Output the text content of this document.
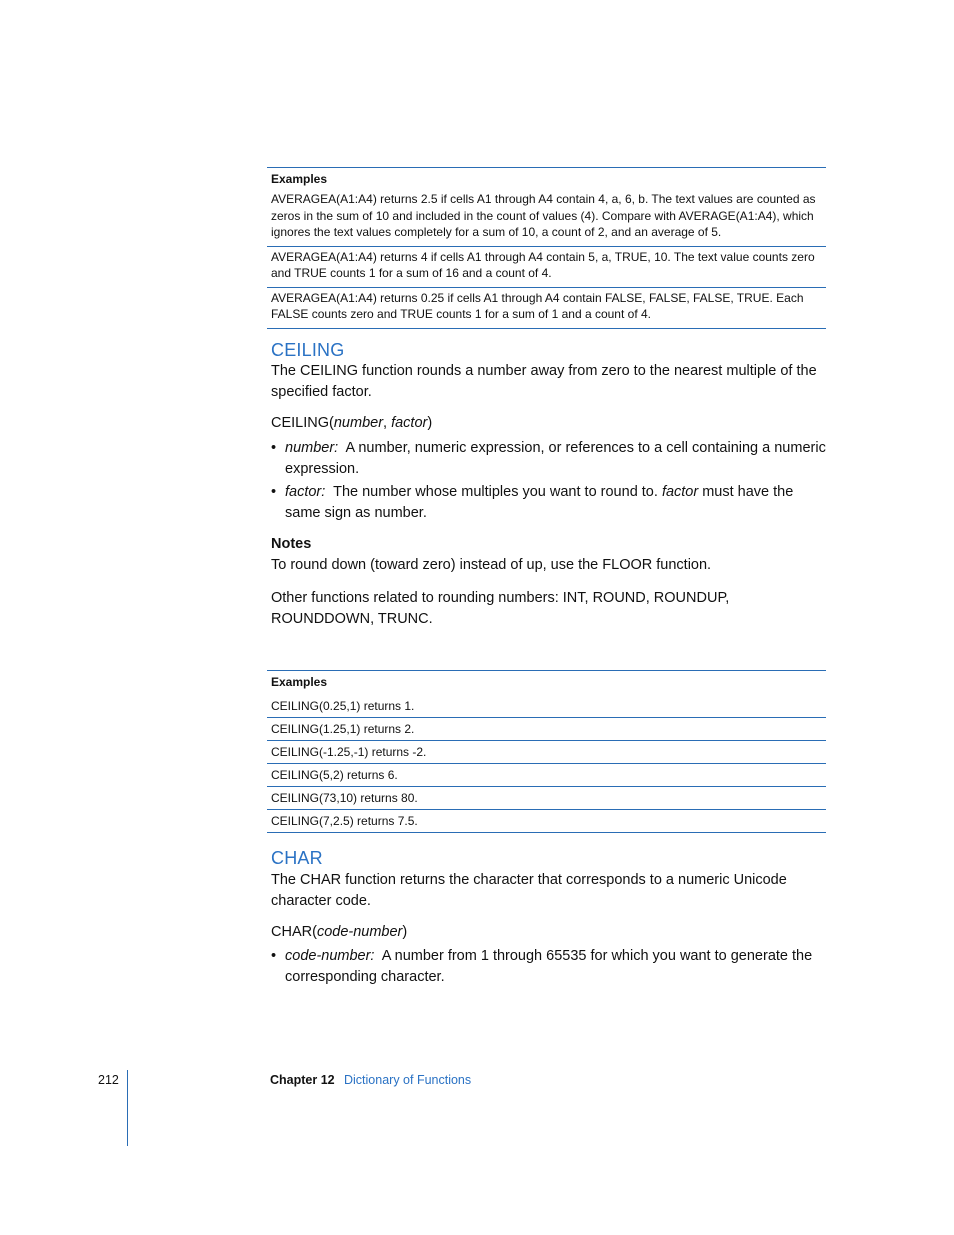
Examples
AVERAGEA(A1:A4) returns 2.5 if cells A1 through A4 contain 4, a, 6, b. The text values are counted as zeros in the sum of 10 and included in the count of values (4). Compare with AVERAGE(A1:A4), which ignores the text values completely for a sum of 10, a count of 2, and an average of 5.
AVERAGEA(A1:A4) returns 4 if cells A1 through A4 contain 5, a, TRUE, 10. The text value counts zero and TRUE counts 1 for a sum of 16 and a count of 4.
AVERAGEA(A1:A4) returns 0.25 if cells A1 through A4 contain FALSE, FALSE, FALSE, TRUE. Each FALSE counts zero and TRUE counts 1 for a sum of 1 and a count of 4.
CEILING

The CEILING function rounds a number away from zero to the nearest multiple of the specified factor.

CEILING(number, factor)

• number:  A number, numeric expression, or references to a cell containing a numeric expression.
• factor:  The number whose multiples you want to round to. factor must have the same sign as number.

Notes

To round down (toward zero) instead of up, use the FLOOR function.

Other functions related to rounding numbers: INT, ROUND, ROUNDUP, ROUNDDOWN, TRUNC.

Examples
CEILING(0.25,1) returns 1.
CEILING(1.25,1) returns 2.
CEILING(-1.25,-1) returns -2.
CEILING(5,2) returns 6.
CEILING(73,10) returns 80.
CEILING(7,2.5) returns 7.5.
CHAR

The CHAR function returns the character that corresponds to a numeric Unicode character code.

CHAR(code-number)

• code-number:  A number from 1 through 65535 for which you want to generate the corresponding character.
212	Chapter 12 Dictionary of Functions
